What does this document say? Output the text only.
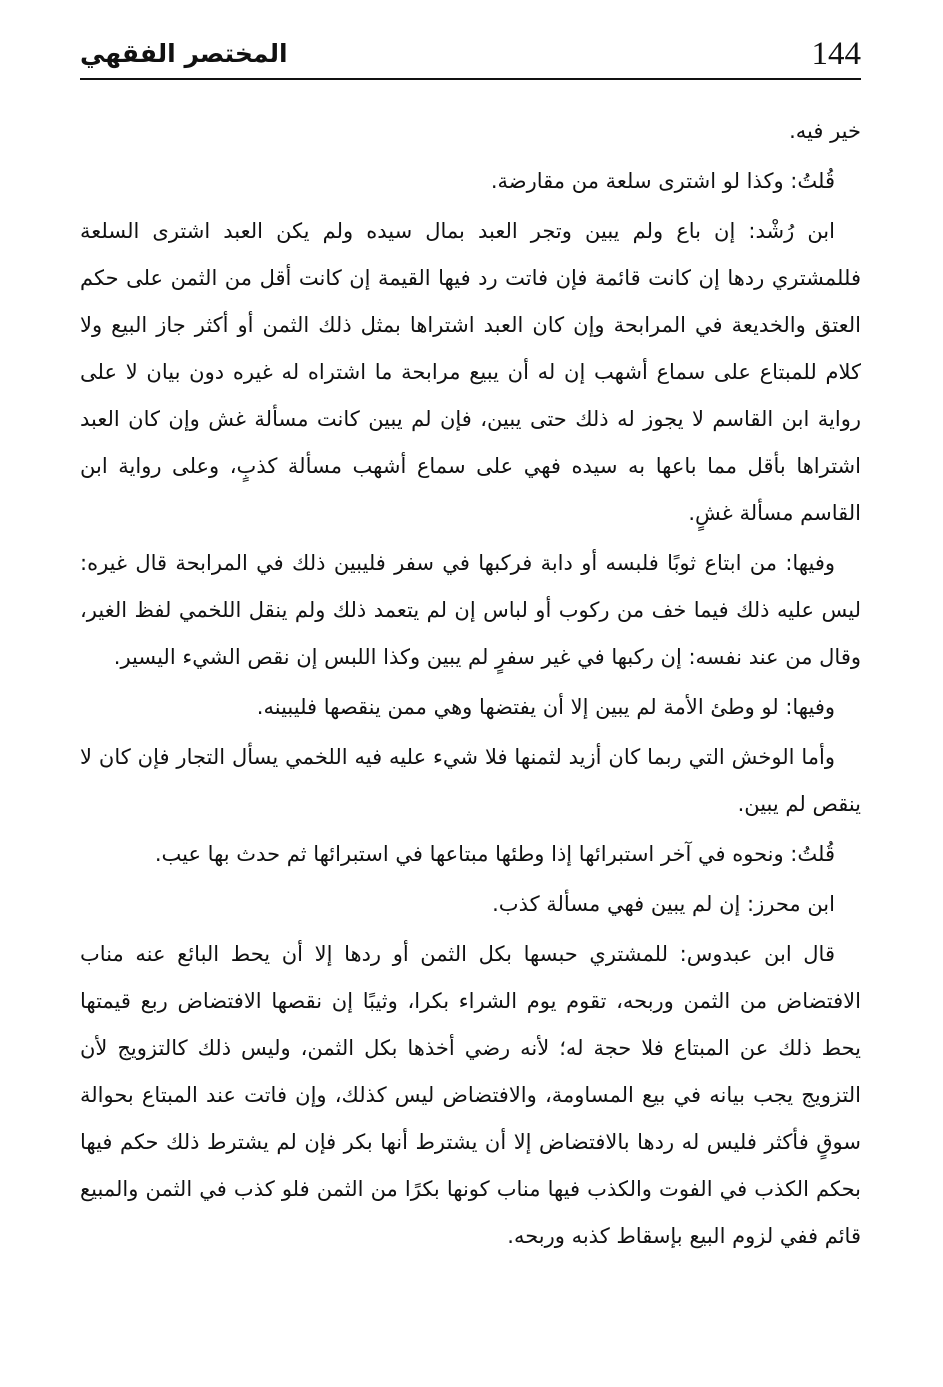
144
المختصر الفقهي

خير فيه.

قُلتُ: وكذا لو اشترى سلعة من مقارضة.

ابن رُشْد: إن باع ولم يبين وتجر العبد بمال سيده ولم يكن العبد اشترى السلعة فللمشتري ردها إن كانت قائمة فإن فاتت رد فيها القيمة إن كانت أقل من الثمن على حكم العتق والخديعة في المرابحة وإن كان العبد اشتراها بمثل ذلك الثمن أو أكثر جاز البيع ولا كلام للمبتاع على سماع أشهب إن له أن يبيع مرابحة ما اشتراه له غيره دون بيان لا على رواية ابن القاسم لا يجوز له ذلك حتى يبين، فإن لم يبين كانت مسألة غش وإن كان العبد اشتراها بأقل مما باعها به سيده فهي على سماع أشهب مسألة كذبٍ، وعلى رواية ابن القاسم مسألة غشٍ.

وفيها: من ابتاع ثوبًا فلبسه أو دابة فركبها في سفر فليبين ذلك في المرابحة قال غيره: ليس عليه ذلك فيما خف من ركوب أو لباس إن لم يتعمد ذلك ولم ينقل اللخمي لفظ الغير، وقال من عند نفسه: إن ركبها في غير سفرٍ لم يبين وكذا اللبس إن نقص الشيء اليسير.

وفيها: لو وطئ الأمة لم يبين إلا أن يفتضها وهي ممن ينقصها فليبينه.

وأما الوخش التي ربما كان أزيد لثمنها فلا شيء عليه فيه اللخمي يسأل التجار فإن كان لا ينقص لم يبين.

قُلتُ: ونحوه في آخر استبرائها إذا وطئها مبتاعها في استبرائها ثم حدث بها عيب.

ابن محرز: إن لم يبين فهي مسألة كذب.

قال ابن عبدوس: للمشتري حبسها بكل الثمن أو ردها إلا أن يحط البائع عنه مناب الافتضاض من الثمن وربحه، تقوم يوم الشراء بكرا، وثيبًا إن نقصها الافتضاض ربع قيمتها يحط ذلك عن المبتاع فلا حجة له؛ لأنه رضي أخذها بكل الثمن، وليس ذلك كالتزويج لأن التزويج يجب بيانه في بيع المساومة، والافتضاض ليس كذلك، وإن فاتت عند المبتاع بحوالة سوقٍ فأكثر فليس له ردها بالافتضاض إلا أن يشترط أنها بكر فإن لم يشترط ذلك حكم فيها بحكم الكذب في الفوت والكذب فيها مناب كونها بكرًا من الثمن فلو كذب في الثمن والمبيع قائم ففي لزوم البيع بإسقاط كذبه وربحه.
